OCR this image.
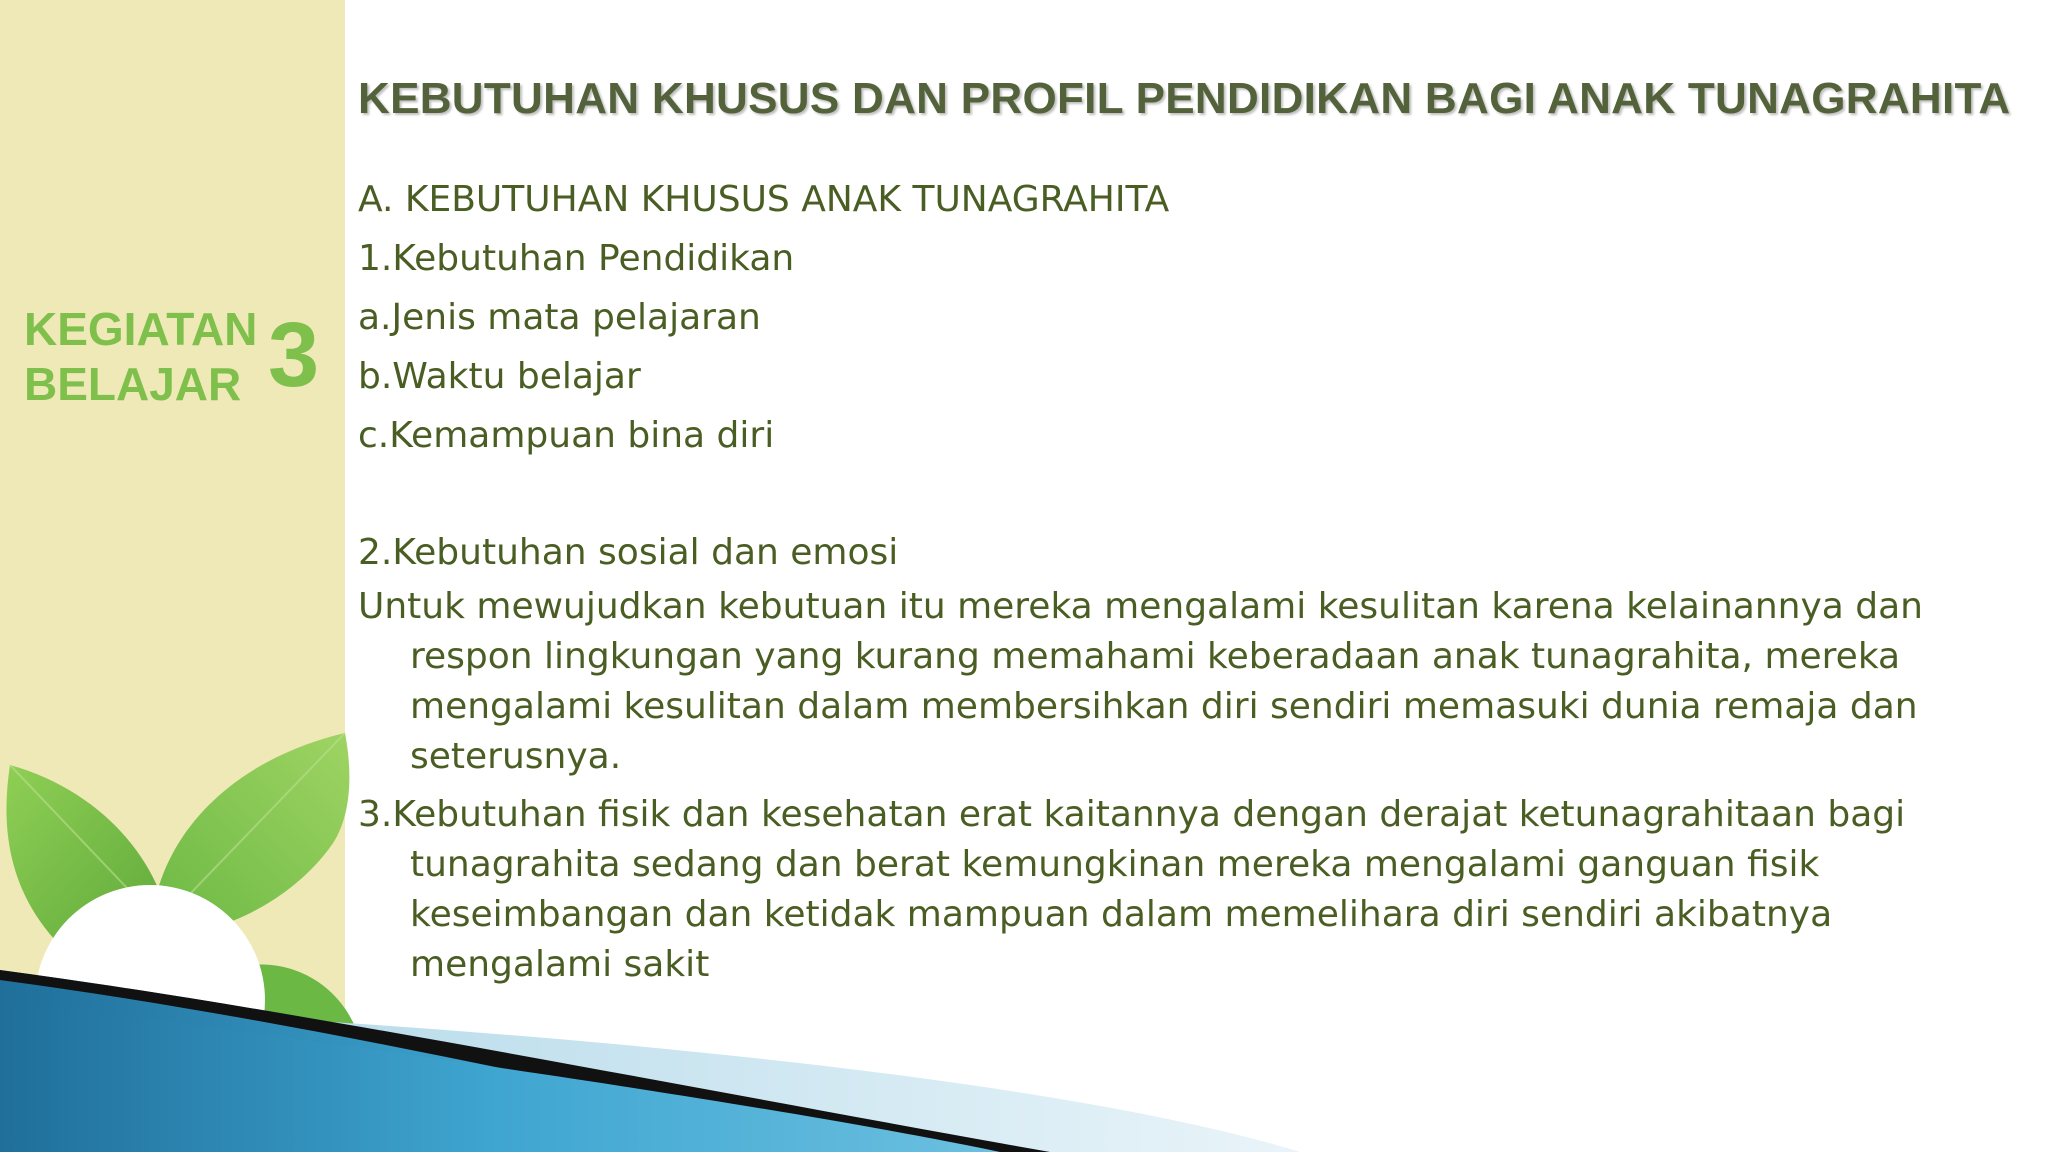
KEGIATAN
BELAJAR 3
KEBUTUHAN KHUSUS DAN PROFIL PENDIDIKAN BAGI ANAK TUNAGRAHITA
A. KEBUTUHAN KHUSUS ANAK TUNAGRAHITA
1.Kebutuhan Pendidikan
a.Jenis mata pelajaran
b.Waktu belajar
c.Kemampuan bina diri
2.Kebutuhan sosial dan emosi
Untuk mewujudkan kebutuan itu mereka mengalami kesulitan karena kelainannya dan respon lingkungan yang kurang memahami keberadaan anak tunagrahita, mereka mengalami kesulitan dalam membersihkan diri sendiri memasuki dunia remaja dan seterusnya.
3.Kebutuhan fisik dan kesehatan erat kaitannya dengan derajat ketunagrahitaan bagi tunagrahita sedang dan berat kemungkinan mereka mengalami ganguan fisik keseimbangan dan ketidak mampuan dalam memelihara diri sendiri akibatnya mengalami sakit
